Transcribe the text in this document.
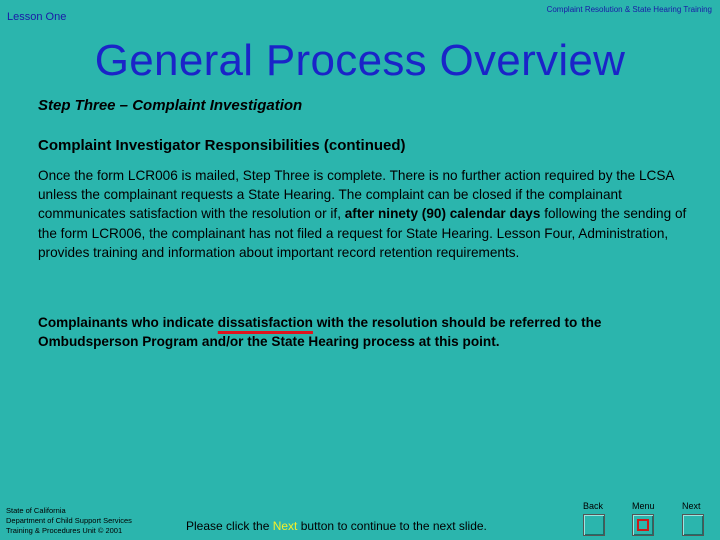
Lesson One
Complaint Resolution & State Hearing Training
General Process Overview
Step Three – Complaint Investigation
Complaint Investigator Responsibilities (continued)
Once the form LCR006 is mailed, Step Three is complete. There is no further action required by the LCSA unless the complainant requests a State Hearing. The complaint can be closed if the complainant communicates satisfaction with the resolution or if, after ninety (90) calendar days following the sending of the form LCR006, the complainant has not filed a request for State Hearing. Lesson Four, Administration, provides training and information about important record retention requirements.
Complainants who indicate dissatisfaction with the resolution should be referred to the Ombudsperson Program and/or the State Hearing process at this point.
State of California
Department of Child Support Services
Training & Procedures Unit © 2001	Please click the Next button to continue to the next slide.
Back	Menu	Next
